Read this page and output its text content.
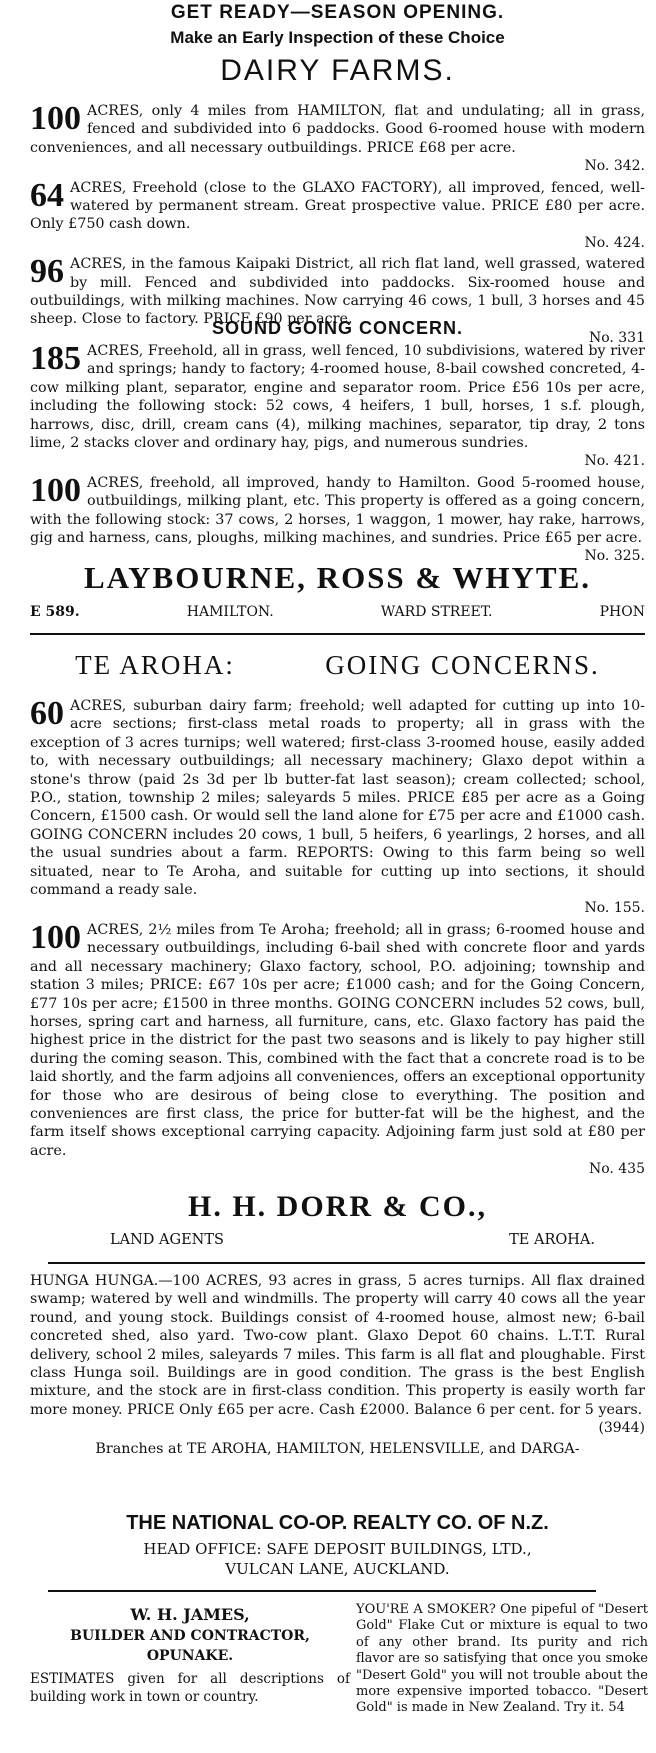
GET READY—SEASON OPENING.
Make an Early Inspection of these Choice
DAIRY FARMS.

100 ACRES, only 4 miles from HAMILTON, flat and undulating; all in grass, fenced and subdivided into 6 paddocks. Good 6-roomed house with modern conveniences, and all necessary outbuildings. PRICE £68 per acre.
No. 342.

64 ACRES, Freehold (close to the GLAXO FACTORY), all improved, fenced, well-watered by permanent stream. Great prospective value. PRICE £80 per acre. Only £750 cash down.
No. 424.

96 ACRES, in the famous Kaipaki District, all rich flat land, well grassed, watered by mill. Fenced and subdivided into paddocks. Six-roomed house and outbuildings, with milking machines. Now carrying 46 cows, 1 bull, 3 horses and 45 sheep. Close to factory. PRICE £90 per acre.
No. 331

SOUND GOING CONCERN.

185 ACRES, Freehold, all in grass, well fenced, 10 subdivisions, watered by river and springs; handy to factory; 4-roomed house, 8-bail cowshed concreted, 4-cow milking plant, separator, engine and separator room. Price £56 10s per acre, including the following stock: 52 cows, 4 heifers, 1 bull, horses, 1 s.f. plough, harrows, disc, drill, cream cans (4), milking machines, separator, tip dray, 2 tons lime, 2 stacks clover and ordinary hay, pigs, and numerous sundries.
No. 421.

100 ACRES, freehold, all improved, handy to Hamilton. Good 5-roomed house, outbuildings, milking plant, etc. This property is offered as a going concern, with the following stock: 37 cows, 2 horses, 1 waggon, 1 mower, hay rake, harrows, gig and harness, cans, ploughs, milking machines, and sundries. Price £65 per acre.
No. 325.

LAYBOURNE, ROSS & WHYTE.
E 589.	HAMILTON.	WARD STREET.	PHON
TE AROHA:	GOING CONCERNS.

60 ACRES, suburban dairy farm; freehold; well adapted for cutting up into 10-acre sections; first-class metal roads to property; all in grass with the exception of 3 acres turnips; well watered; first-class 3-roomed house, easily added to, with necessary outbuildings; all necessary machinery; Glaxo depot within a stone's throw (paid 2s 3d per lb butter-fat last season); cream collected; school, P.O., station, township 2 miles; saleyards 5 miles. PRICE £85 per acre as a Going Concern, £1500 cash. Or would sell the land alone for £75 per acre and £1000 cash. GOING CONCERN includes 20 cows, 1 bull, 5 heifers, 6 yearlings, 2 horses, and all the usual sundries about a farm. REPORTS: Owing to this farm being so well situated, near to Te Aroha, and suitable for cutting up into sections, it should command a ready sale.
No. 155.

100 ACRES, 2½ miles from Te Aroha; freehold; all in grass; 6-roomed house and necessary outbuildings, including 6-bail shed with concrete floor and yards and all necessary machinery; Glaxo factory, school, P.O. adjoining; township and station 3 miles; PRICE: £67 10s per acre; £1000 cash; and for the Going Concern, £77 10s per acre; £1500 in three months. GOING CONCERN includes 52 cows, bull, horses, spring cart and harness, all furniture, cans, etc. Glaxo factory has paid the highest price in the district for the past two seasons and is likely to pay higher still during the coming season. This, combined with the fact that a concrete road is to be laid shortly, and the farm adjoins all conveniences, offers an exceptional opportunity for those who are desirous of being close to everything. The position and conveniences are first class, the price for butter-fat will be the highest, and the farm itself shows exceptional carrying capacity. Adjoining farm just sold at £80 per acre.
No. 435

H. H. DORR & CO.,
LAND AGENTS	TE AROHA.

HUNGA HUNGA.—100 ACRES, 93 acres in grass, 5 acres turnips. All flax drained swamp; watered by well and windmills. The property will carry 40 cows all the year round, and young stock. Buildings consist of 4-roomed house, almost new; 6-bail concreted shed, also yard. Two-cow plant. Glaxo Depot 60 chains. L.T.T. Rural delivery, school 2 miles, saleyards 7 miles. This farm is all flat and ploughable. First class Hunga soil. Buildings are in good condition. The grass is the best English mixture, and the stock are in first-class condition. This property is easily worth far more money. PRICE Only £65 per acre. Cash £2000. Balance 6 per cent. for 5 years.
(3944)

Branches at TE AROHA, HAMILTON, HELENSVILLE, and DARGA-

THE NATIONAL CO-OP. REALTY CO. OF N.Z.
HEAD OFFICE: SAFE DEPOSIT BUILDINGS, LTD.,
VULCAN LANE, AUCKLAND.
W. H. JAMES,
BUILDER AND CONTRACTOR,
OPUNAKE.
ESTIMATES given for all descriptions of building work in town or country.
YOU'RE A SMOKER? One pipeful of "Desert Gold" Flake Cut or mixture is equal to two of any other brand. Its purity and rich flavor are so satisfying that once you smoke "Desert Gold" you will not trouble about the more expensive imported tobacco. "Desert Gold" is made in New Zealand. Try it. 54
